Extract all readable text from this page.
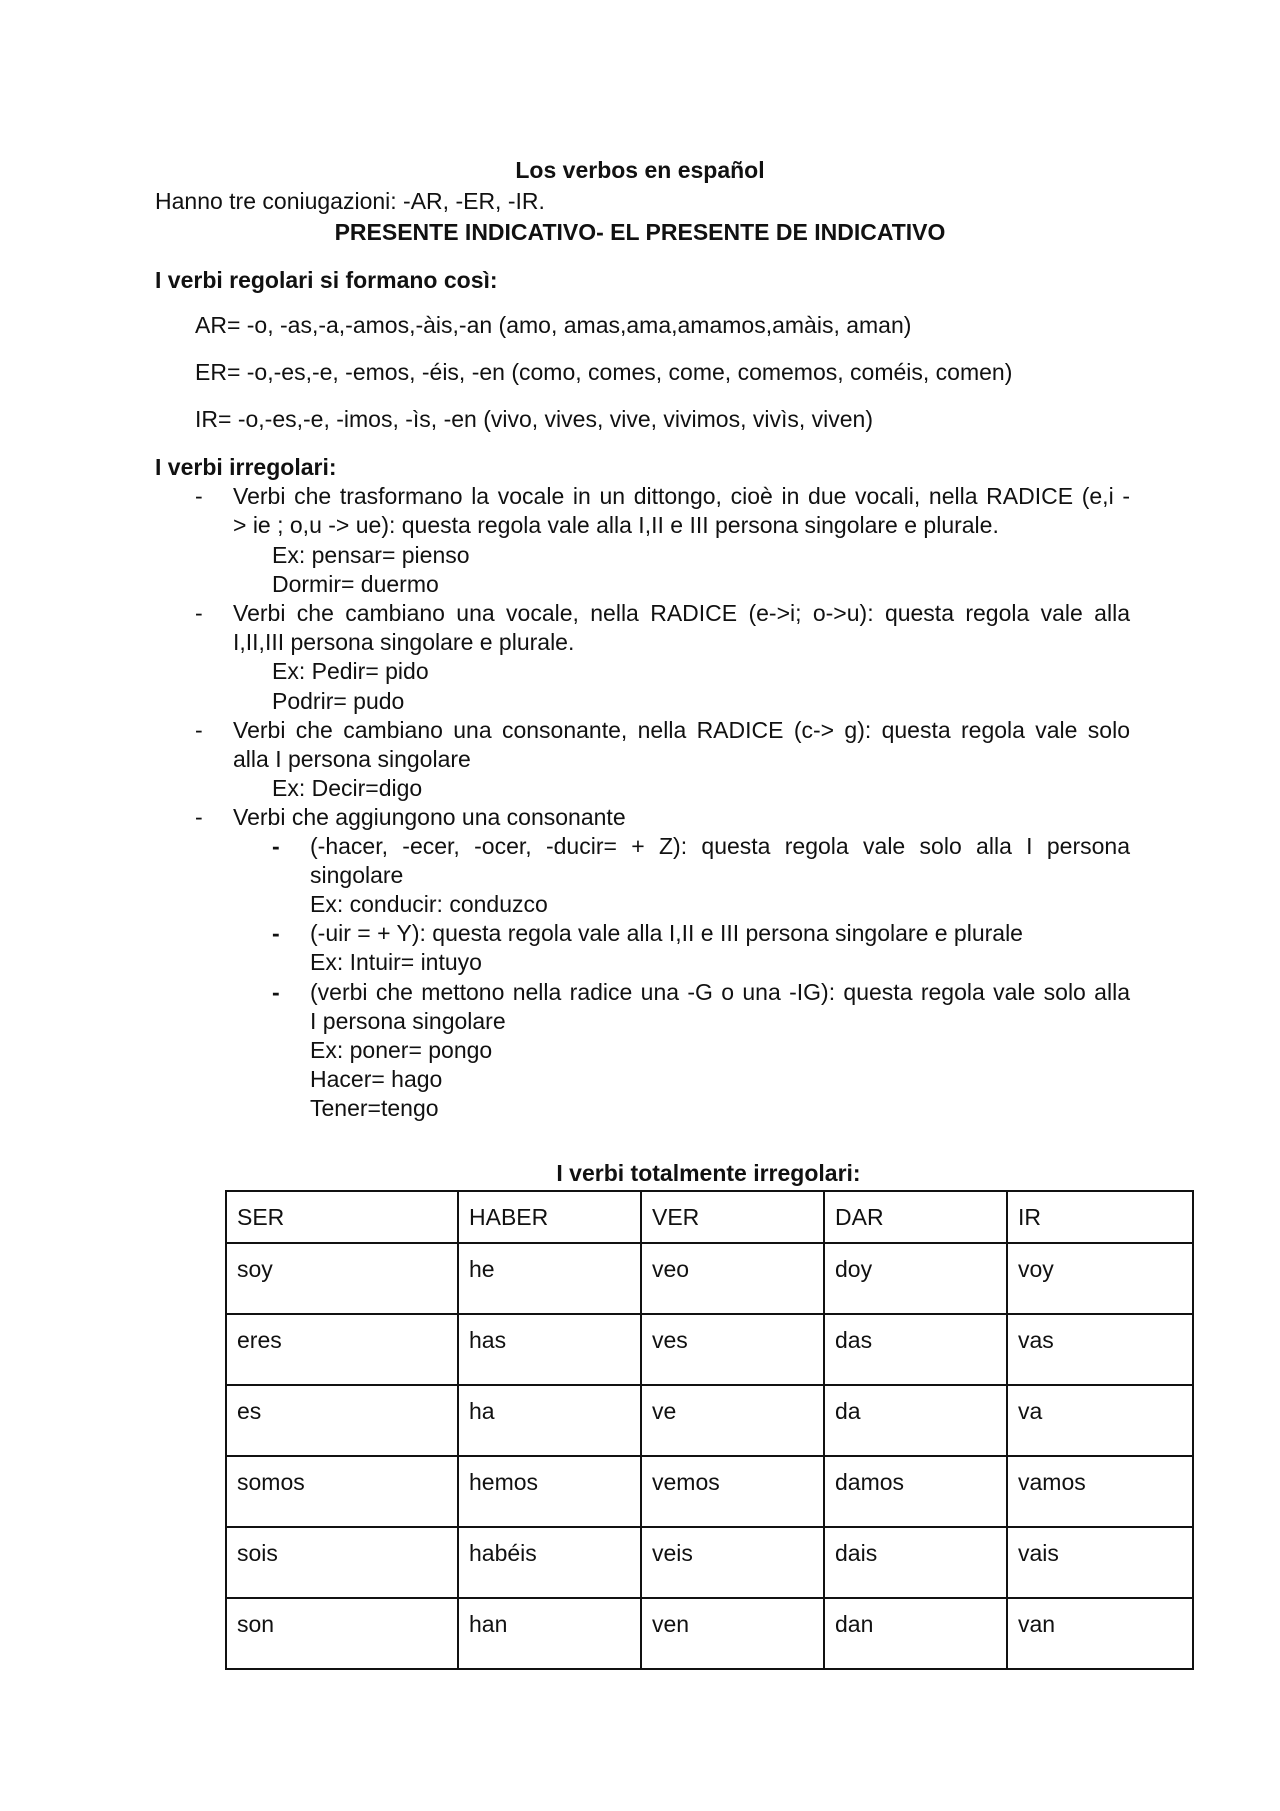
Los verbos en español
Hanno tre coniugazioni: -AR, -ER, -IR.
PRESENTE INDICATIVO- EL PRESENTE DE INDICATIVO
I verbi regolari si formano così:
AR= -o, -as,-a,-amos,-àis,-an (amo, amas,ama,amamos,amàis, aman)
ER= -o,-es,-e, -emos, -éis, -en (como, comes, come, comemos, coméis, comen)
IR= -o,-es,-e, -imos, -ìs, -en (vivo, vives, vive, vivimos, vivìs, viven)
I verbi irregolari:
- Verbi che trasformano la vocale in un dittongo, cioè in due vocali, nella RADICE (e,i -
> ie ; o,u -> ue): questa regola vale alla I,II e III persona singolare e plurale.
Ex: pensar= pienso
Dormir= duermo
- Verbi che cambiano una vocale, nella RADICE (e->i; o->u): questa regola vale alla
I,II,III persona singolare e plurale.
Ex: Pedir= pido
Podrir= pudo
- Verbi che cambiano una consonante, nella RADICE (c-> g): questa regola vale solo
alla I persona singolare
Ex: Decir=digo
- Verbi che aggiungono una consonante
- (-hacer, -ecer, -ocer, -ducir= + Z): questa regola vale solo alla I persona
singolare
Ex: conducir: conduzco
- (-uir = + Y): questa regola vale alla I,II e III persona singolare e plurale
Ex: Intuir= intuyo
- (verbi che mettono nella radice una -G o una -IG): questa regola vale solo alla
I persona singolare
Ex: poner= pongo
Hacer= hago
Tener=tengo
I verbi totalmente irregolari:
SER	HABER	VER	DAR	IR
soy	he	veo	doy	voy
eres	has	ves	das	vas
es	ha	ve	da	va
somos	hemos	vemos	damos	vamos
sois	habéis	veis	dais	vais
son	han	ven	dan	van
